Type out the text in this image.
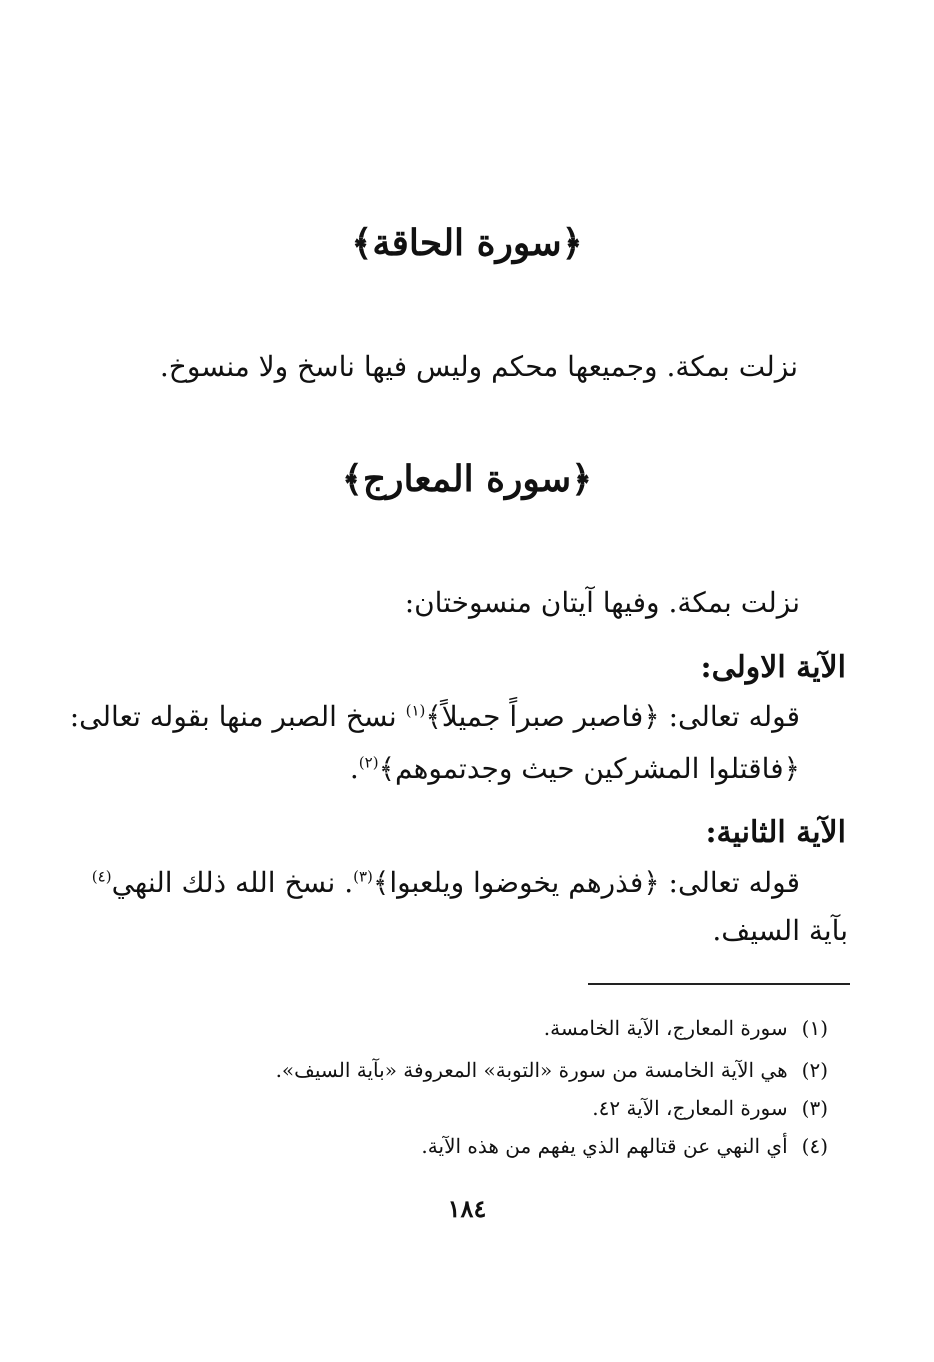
﴿سورة الحاقة﴾
نزلت بمكة. وجميعها محكم وليس فيها ناسخ ولا منسوخ.
﴿سورة المعارج﴾
نزلت بمكة. وفيها آيتان منسوختان:
الآية الاولى:
قوله تعالى: ﴿فاصبر صبراً جميلاً﴾$^{(١)}$ نسخ الصبر منها بقوله تعالى:
﴿فاقتلوا المشركين حيث وجدتموهم﴾$^{(٢)}$.
الآية الثانية:
قوله تعالى: ﴿فذرهم يخوضوا ويلعبوا﴾$^{(٣)}$. نسخ الله ذلك النهي$^{(٤)}$
بآية السيف.
(١)
سورة المعارج، الآية الخامسة.
(٢)
هي الآية الخامسة من سورة «التوبة» المعروفة «بآية السيف».
(٣)
سورة المعارج، الآية ٤٢.
(٤)
أي النهي عن قتالهم الذي يفهم من هذه الآية.
١٨٤
